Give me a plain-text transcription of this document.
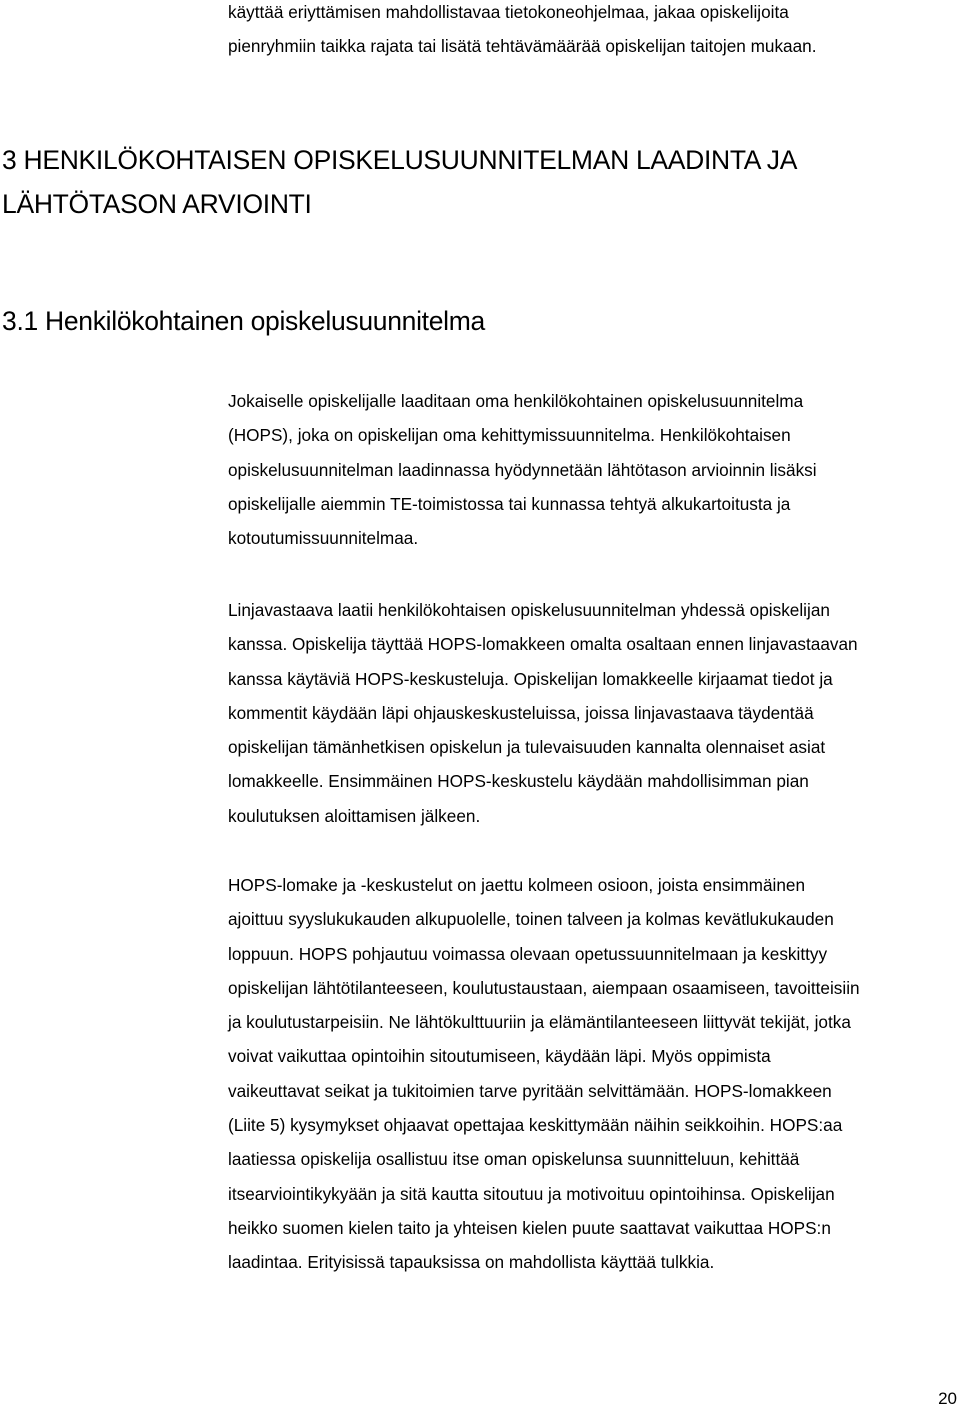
käyttää eriyttämisen mahdollistavaa tietokoneohjelmaa, jakaa opiskelijoita
pienryhmiin taikka rajata tai lisätä tehtävämäärää opiskelijan taitojen mukaan.

3 HENKILÖKOHTAISEN OPISKELUSUUNNITELMAN LAADINTA JA
LÄHTÖTASON ARVIOINTI
3.1 Henkilökohtainen opiskelusuunnitelma

Jokaiselle opiskelijalle laaditaan oma henkilökohtainen opiskelusuunnitelma
(HOPS), joka on opiskelijan oma kehittymissuunnitelma. Henkilökohtaisen
opiskelusuunnitelman laadinnassa hyödynnetään lähtötason arvioinnin lisäksi
opiskelijalle aiemmin TE-toimistossa tai kunnassa tehtyä alkukartoitusta ja
kotoutumissuunnitelmaa.

Linjavastaava laatii henkilökohtaisen opiskelusuunnitelman yhdessä opiskelijan
kanssa. Opiskelija täyttää HOPS-lomakkeen omalta osaltaan ennen linjavastaavan
kanssa käytäviä HOPS-keskusteluja. Opiskelijan lomakkeelle kirjaamat tiedot ja
kommentit käydään läpi ohjauskeskusteluissa, joissa linjavastaava täydentää
opiskelijan tämänhetkisen opiskelun ja tulevaisuuden kannalta olennaiset asiat
lomakkeelle. Ensimmäinen HOPS-keskustelu käydään mahdollisimman pian
koulutuksen aloittamisen jälkeen.

HOPS-lomake ja -keskustelut on jaettu kolmeen osioon, joista ensimmäinen
ajoittuu syyslukukauden alkupuolelle, toinen talveen ja kolmas kevätlukukauden
loppuun. HOPS pohjautuu voimassa olevaan opetussuunnitelmaan ja keskittyy
opiskelijan lähtötilanteeseen, koulutustaustaan, aiempaan osaamiseen, tavoitteisiin
ja koulutustarpeisiin. Ne lähtökulttuuriin ja elämäntilanteeseen liittyvät tekijät, jotka
voivat vaikuttaa opintoihin sitoutumiseen, käydään läpi. Myös oppimista
vaikeuttavat seikat ja tukitoimien tarve pyritään selvittämään. HOPS-lomakkeen
(Liite 5) kysymykset ohjaavat opettajaa keskittymään näihin seikkoihin. HOPS:aa
laatiessa opiskelija osallistuu itse oman opiskelunsa suunnitteluun, kehittää
itsearviointikykyään ja sitä kautta sitoutuu ja motivoituu opintoihinsa. Opiskelijan
heikko suomen kielen taito ja yhteisen kielen puute saattavat vaikuttaa HOPS:n
laadintaa. Erityisissä tapauksissa on mahdollista käyttää tulkkia.

20
